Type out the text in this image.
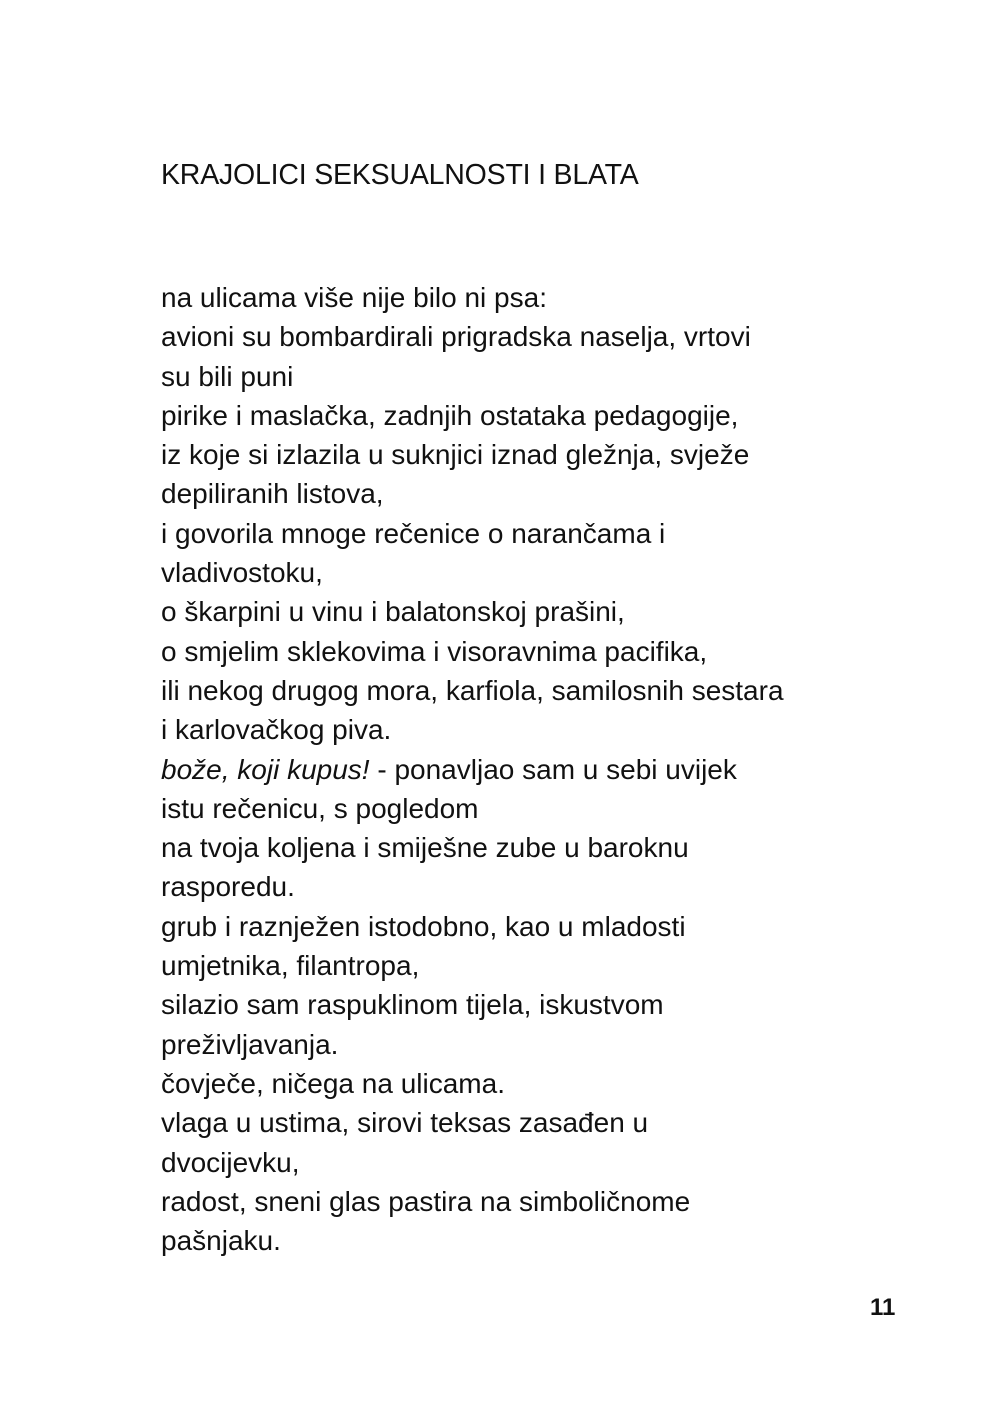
KRAJOLICI SEKSUALNOSTI I BLATA
na ulicama više nije bilo ni psa:
avioni su bombardirali prigradska naselja, vrtovi
su bili puni
pirike i maslačka, zadnjih ostataka pedagogije,
iz koje si izlazila u suknjici iznad gležnja, svježe
depiliranih listova,
i govorila mnoge rečenice o narančama i
vladivostoku,
o škarpini u vinu i balatonskoj prašini,
o smjelim sklekovima i visoravnima pacifika,
ili nekog drugog mora, karfiola, samilosnih sestara
i karlovačkog piva.
bože, koji kupus! - ponavljao sam u sebi uvijek
istu rečenicu, s pogledom
na tvoja koljena i smiješne zube u baroknu
rasporedu.
grub i raznježen istodobno, kao u mladosti
umjetnika, filantropa,
silazio sam raspuklinom tijela, iskustvom
preživljavanja.
čovječe, ničega na ulicama.
vlaga u ustima, sirovi teksas zasađen u
dvocijevku,
radost, sneni glas pastira na simboličnome
pašnjaku.
11
